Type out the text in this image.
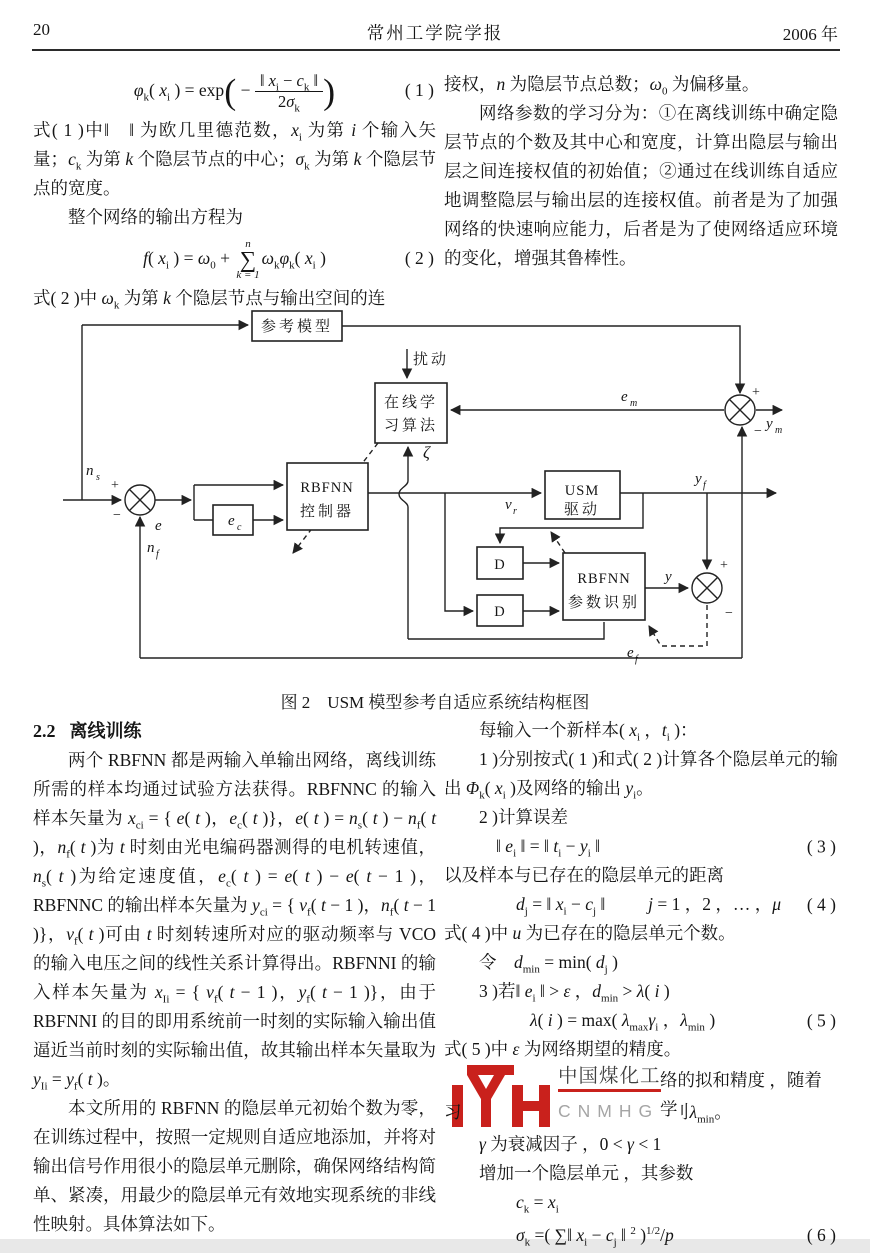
20	常州工学院学报	2006 年
$\varphi_k$( $x_i$ ) = $\exp( - \frac{‖ x_i - c_k ‖}{2\sigma_k}$ )	( 1 )

式( 1 )中‖　‖ 为欧几里德范数，$x_i$ 为第 i 个输入矢量；$c_k$ 为第 k 个隐层节点的中心；$\sigma_k$ 为第 k 个隐层节点的宽度。

整个网络的输出方程为

f( $x_i$ ) = $\omega_0$ +
n
∑
k = 1
$\omega_k\varphi_k$( $x_i$ )	( 2 )

式( 2 )中 $\omega_k$ 为第 k 个隐层节点与输出空间的连

接权，n 为隐层节点总数；$\omega_0$ 为偏移量。

网络参数的学习分为：①在离线训练中确定隐层节点的个数及其中心和宽度，计算出隐层与输出层之间连接权值的初始值；②通过在线训练自适应地调整隐层与输出层的连接权值。前者是为了加强网络的快速响应能力，后者是为了使网络适应环境的变化，增强其鲁棒性。

参考模型
在线学
习算法
RBFNN
控制器
USM
驱动
RBFNN
参数识别
D
D
e c
扰动
ζ
n s
+
−
e
n f
e m
+
− y m
v r
y f
y
+
−
e f
图 2　USM 模型参考自适应系统结构框图

2.2 离线训练

两个 RBFNN 都是两输入单输出网络，离线训练所需的样本均通过试验方法获得。RBFNNC 的输入样本矢量为 $x_{ci}$ = { e( t )，$e_c$( t )}，e( t ) = $n_s$( t ) − $n_f$( t )，$n_f$( t )为 t 时刻由光电编码器测得的电机转速值，$n_s$( t )为给定速度值，$e_c$( t ) = e( t ) − e( t − 1 )，RBFNNC 的输出样本矢量为 $y_{ci}$ = { $v_f$( t − 1 )，$n_f$( t − 1 )}，$v_f$( t )可由 t 时刻转速所对应的驱动频率与 VCO 的输入电压之间的线性关系计算得出。RBFNNI 的输入样本矢量为 $x_{Ii}$ = { $v_f$( t − 1 )，$y_f$( t − 1 )}，由于 RBFNNI 的目的即用系统前一时刻的实际输入输出值逼近当前时刻的实际输出值，故其输出样本矢量取为 $y_{Ii} = y_f$( t )。

本文所用的 RBFNN 的隐层单元初始个数为零，在训练过程中，按照一定规则自适应地添加，并将对输出信号作用很小的隐层单元删除，确保网络结构简单、紧凑，用最少的隐层单元有效地实现系统的非线性映射。具体算法如下。

每输入一个新样本( $x_i$ ，$t_i$ )：

1 )分别按式( 1 )和式( 2 )计算各个隐层单元的输出 $\Phi_k$( $x_i$ )及网络的输出 $y_i$。

2 )计算误差

‖ $e_i$ ‖ = ‖ $t_i - y_i$ ‖	( 3 )

以及样本与已存在的隐层单元的距离

$d_j$ = ‖ $x_i - c_j$ ‖ j = 1 ，2 ，… ，μ ( 4 )

式( 4 )中 u 为已存在的隐层单元个数。

令　$d_{min} = \min$( $d_j$ )

3 )若‖ $e_i$ ‖ > ε ，$d_{min} > \lambda$( i )

λ( i ) = max( $\lambda_{max}\gamma_i$ ，$\lambda_{min}$ )	( 5 )

式( 5 )中 ε 为网络期望的精度。

中国煤化工 络的拟和精度 ，随着学
习	CNMHG 刂$\lambda_{min}$。

γ 为衰减因子 ，0 < γ < 1

增加一个隐层单元 ，其参数

$c_k = x_i$

$\sigma_k$ =( ∑‖ $x_i - c_j$ ‖ $^2$ )$^{1/2}$/p	( 6 )
